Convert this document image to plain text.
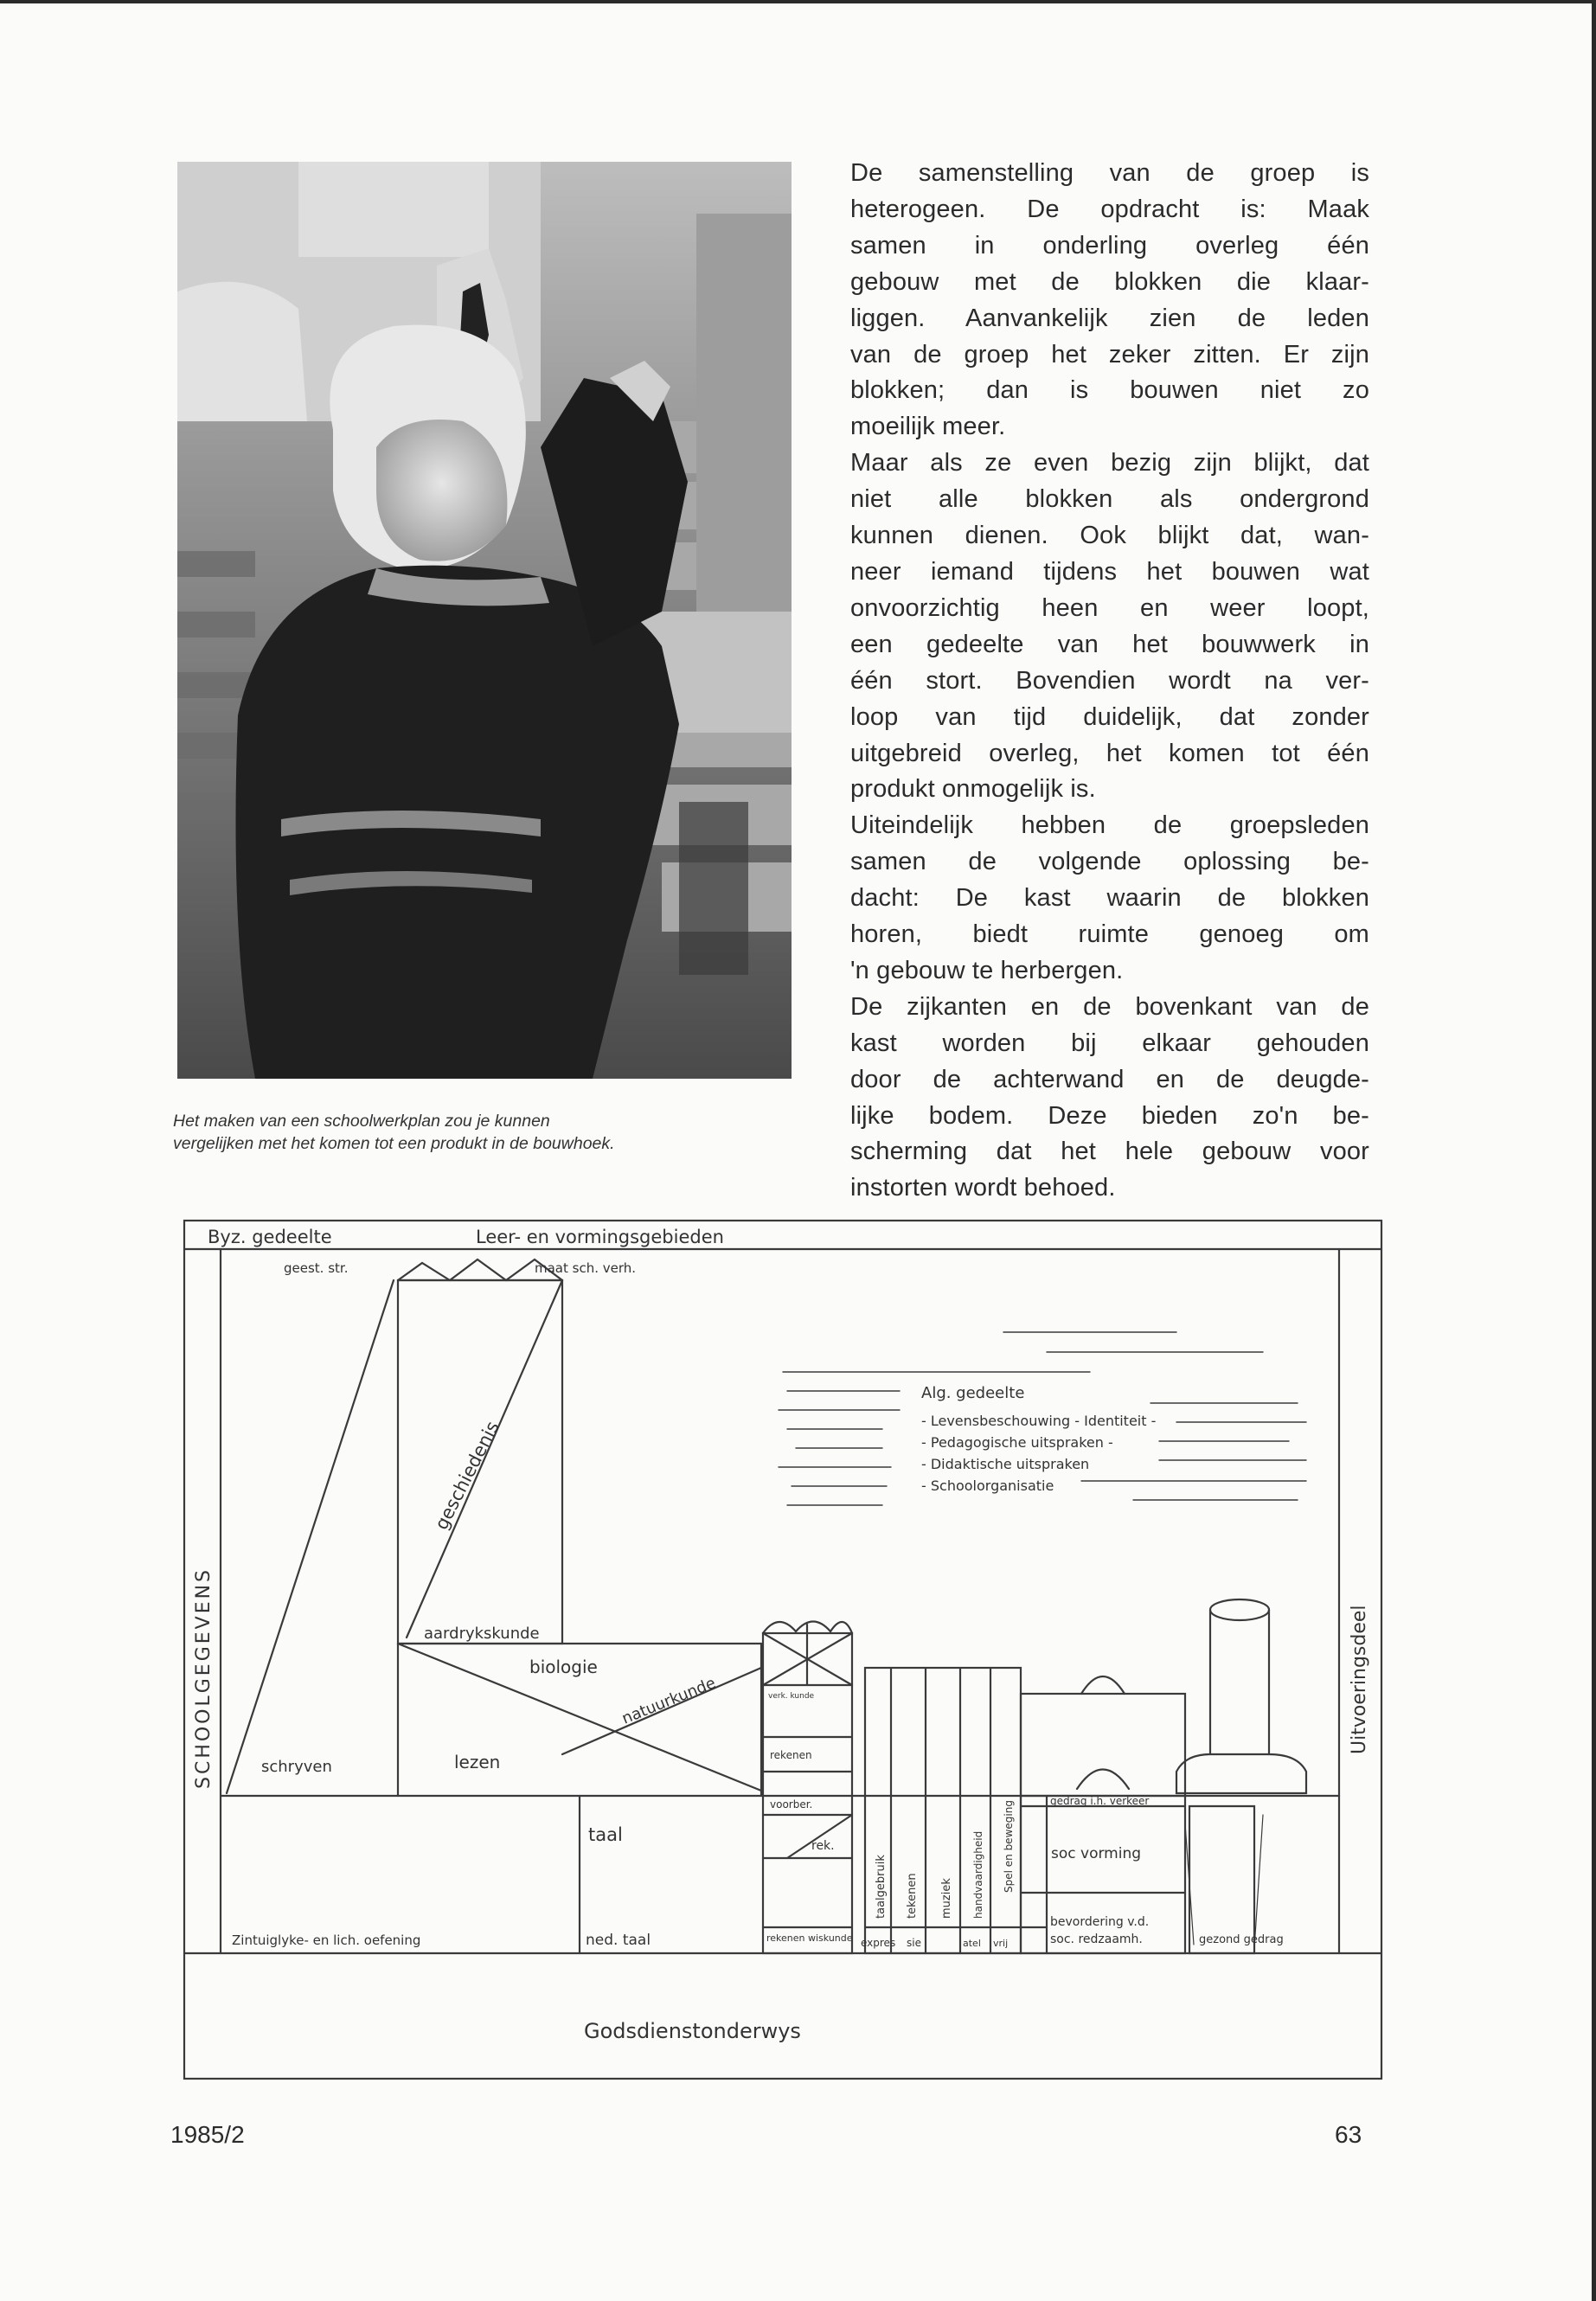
Het maken van een schoolwerkplan zou je kunnen
vergelijken met het komen tot een produkt in de bouwhoek.

De samenstelling van de groep is
heterogeen. De opdracht is: Maak
samen in onderling overleg één
gebouw met de blokken die klaar-
liggen. Aanvankelijk zien de leden
van de groep het zeker zitten. Er zijn
blokken; dan is bouwen niet zo
moeilijk meer.

Maar als ze even bezig zijn blijkt, dat
niet alle blokken als ondergrond
kunnen dienen. Ook blijkt dat, wan-
neer iemand tijdens het bouwen wat
onvoorzichtig heen en weer loopt,
een gedeelte van het bouwwerk in
één stort. Bovendien wordt na ver-
loop van tijd duidelijk, dat zonder
uitgebreid overleg, het komen tot één
produkt onmogelijk is.

Uiteindelijk hebben de groepsleden
samen de volgende oplossing be-
dacht: De kast waarin de blokken
horen, biedt ruimte genoeg om
'n gebouw te herbergen.

De zijkanten en de bovenkant van de
kast worden bij elkaar gehouden
door de achterwand en de deugde-
lijke bodem. Deze bieden zo'n be-
scherming dat het hele gebouw voor
instorten wordt behoed.

Byz. gedeelte	Leer- en vormingsgebieden
geest. str.	maat sch. verh.
geschiedenis
aardrykskunde
biologie
natuurkunde
schryven	lezen
taal
ned. taal
Zintuiglyke- en lich. oefening
verk. kunde
rekenen
voorber.
rek.
rekenen wiskunde expres sie	atel vrij
taalgebruik tekenen muziek handvaardigheid Spel en beweging	gedrag i.h. verkeer
soc vorming
bevordering v.d.
soc. redzaamh.	gezond gedrag
Alg. gedeelte
- Levensbeschouwing - Identiteit -
- Pedagogische uitspraken -
- Didaktische uitspraken
- Schoolorganisatie
SCHOOLGEGEVENS	Uitvoeringsdeel
Godsdienstonderwys
1985/2	63
